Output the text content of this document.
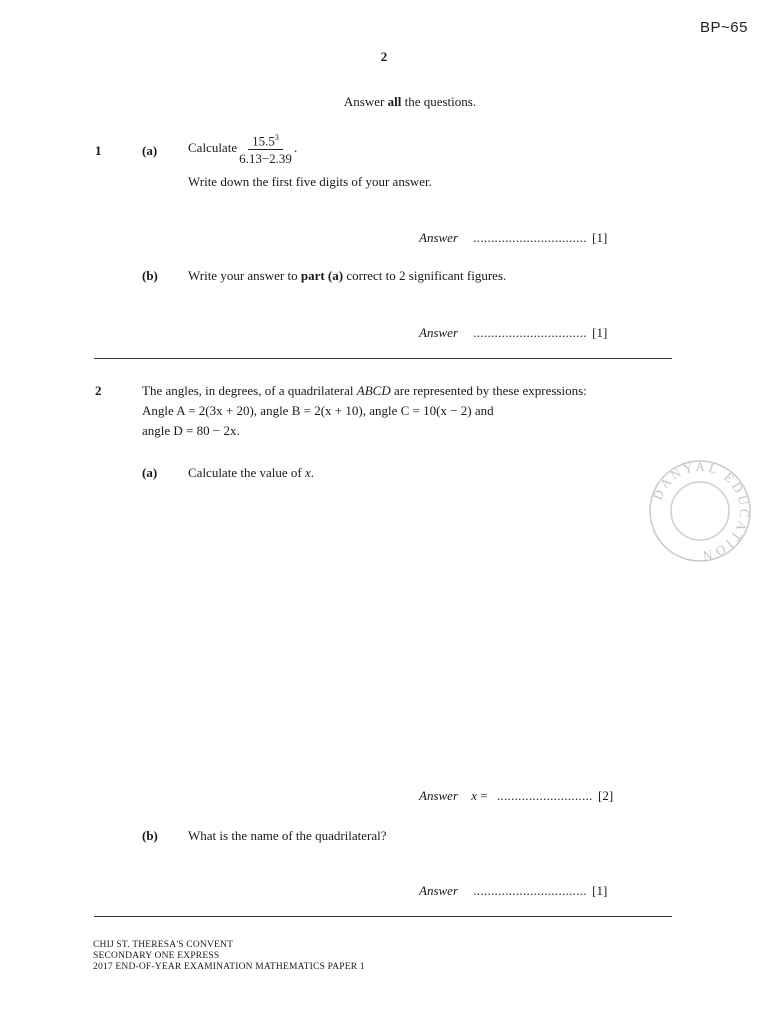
BP~65
2
Answer all the questions.
1	(a) Calculate $\frac{15.5^3}{6.13-2.39}$ .
Write down the first five digits of your answer.
Answer ................................ [1]
(b) Write your answer to part (a) correct to 2 significant figures.
Answer ................................ [1]
2	The angles, in degrees, of a quadrilateral ABCD are represented by these expressions:
Angle A = 2(3x + 20), angle B = 2(x + 10), angle C = 10(x − 2) and
angle D = 80 − 2x.
(a) Calculate the value of x.
DANYAL EDUCATION
Answer x = ........................... [2]
(b) What is the name of the quadrilateral?
Answer ................................ [1]
CHIJ ST. THERESA'S CONVENT
SECONDARY ONE EXPRESS
2017 END-OF-YEAR EXAMINATION MATHEMATICS PAPER 1
